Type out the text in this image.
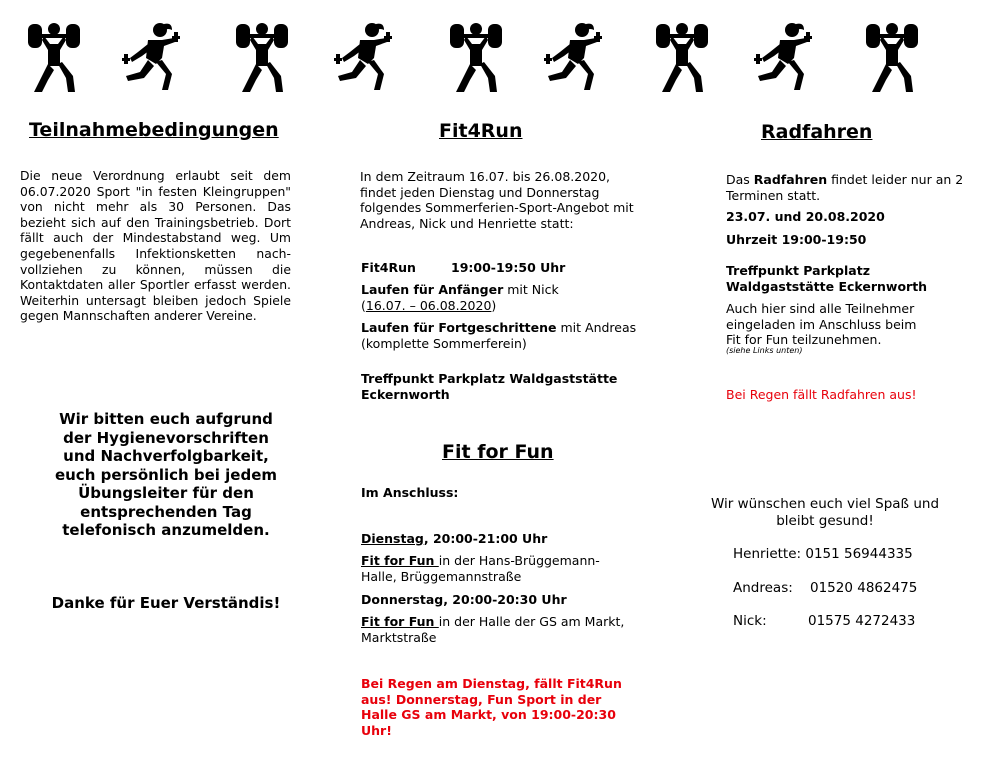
Teilnahmebedingungen

Die neue Verordnung erlaubt seit dem 06.07.2020 Sport "in festen Kleingruppen" von nicht mehr als 30 Personen. Das bezieht sich auf den Trainingsbetrieb. Dort fällt auch der Mindestabstand weg. Um gegebenenfalls Infektionsketten nach-vollziehen zu können, müssen die Kontaktdaten aller Sportler erfasst werden. Weiterhin untersagt bleiben jedoch Spiele gegen Mannschaften anderer Vereine.

Wir bitten euch aufgrund der Hygienevorschriften und Nachverfolgbarkeit, euch persönlich bei jedem Übungsleiter für den entsprechenden Tag telefonisch anzumelden.

Danke für Euer Verständis!

Fit4Run

In dem Zeitraum 16.07. bis 26.08.2020, findet jeden Dienstag und Donnerstag folgendes Sommerferien-Sport-Angebot mit Andreas, Nick und Henriette statt:

Fit4Run	19:00-19:50 Uhr
Laufen für Anfänger mit Nick
(16.07. – 06.08.2020)
Laufen für Fortgeschrittene mit Andreas
(komplette Sommerferein)

Treffpunkt Parkplatz Waldgaststätte Eckernworth

Fit for Fun

Im Anschluss:

Dienstag, 20:00-21:00 Uhr
Fit for Fun in der Hans-Brüggemann-Halle, Brüggemannstraße

Donnerstag, 20:00-20:30 Uhr

Fit for Fun in der Halle der GS am Markt, Marktstraße

Bei Regen am Dienstag, fällt Fit4Run aus! Donnerstag, Fun Sport in der Halle GS am Markt, von 19:00-20:30 Uhr!

Radfahren
Das Radfahren findet leider nur an 2 Terminen statt.

23.07. und 20.08.2020

Uhrzeit 19:00-19:50

Treffpunkt Parkplatz Waldgaststätte Eckernworth

Auch hier sind alle Teilnehmer eingeladen im Anschluss beim Fit for Fun teilzunehmen.

(siehe Links unten)

Bei Regen fällt Radfahren aus!

Wir wünschen euch viel Spaß und bleibt gesund!

Henriette: 0151 56944335
Andreas: 01520 4862475
Nick:	01575 4272433
